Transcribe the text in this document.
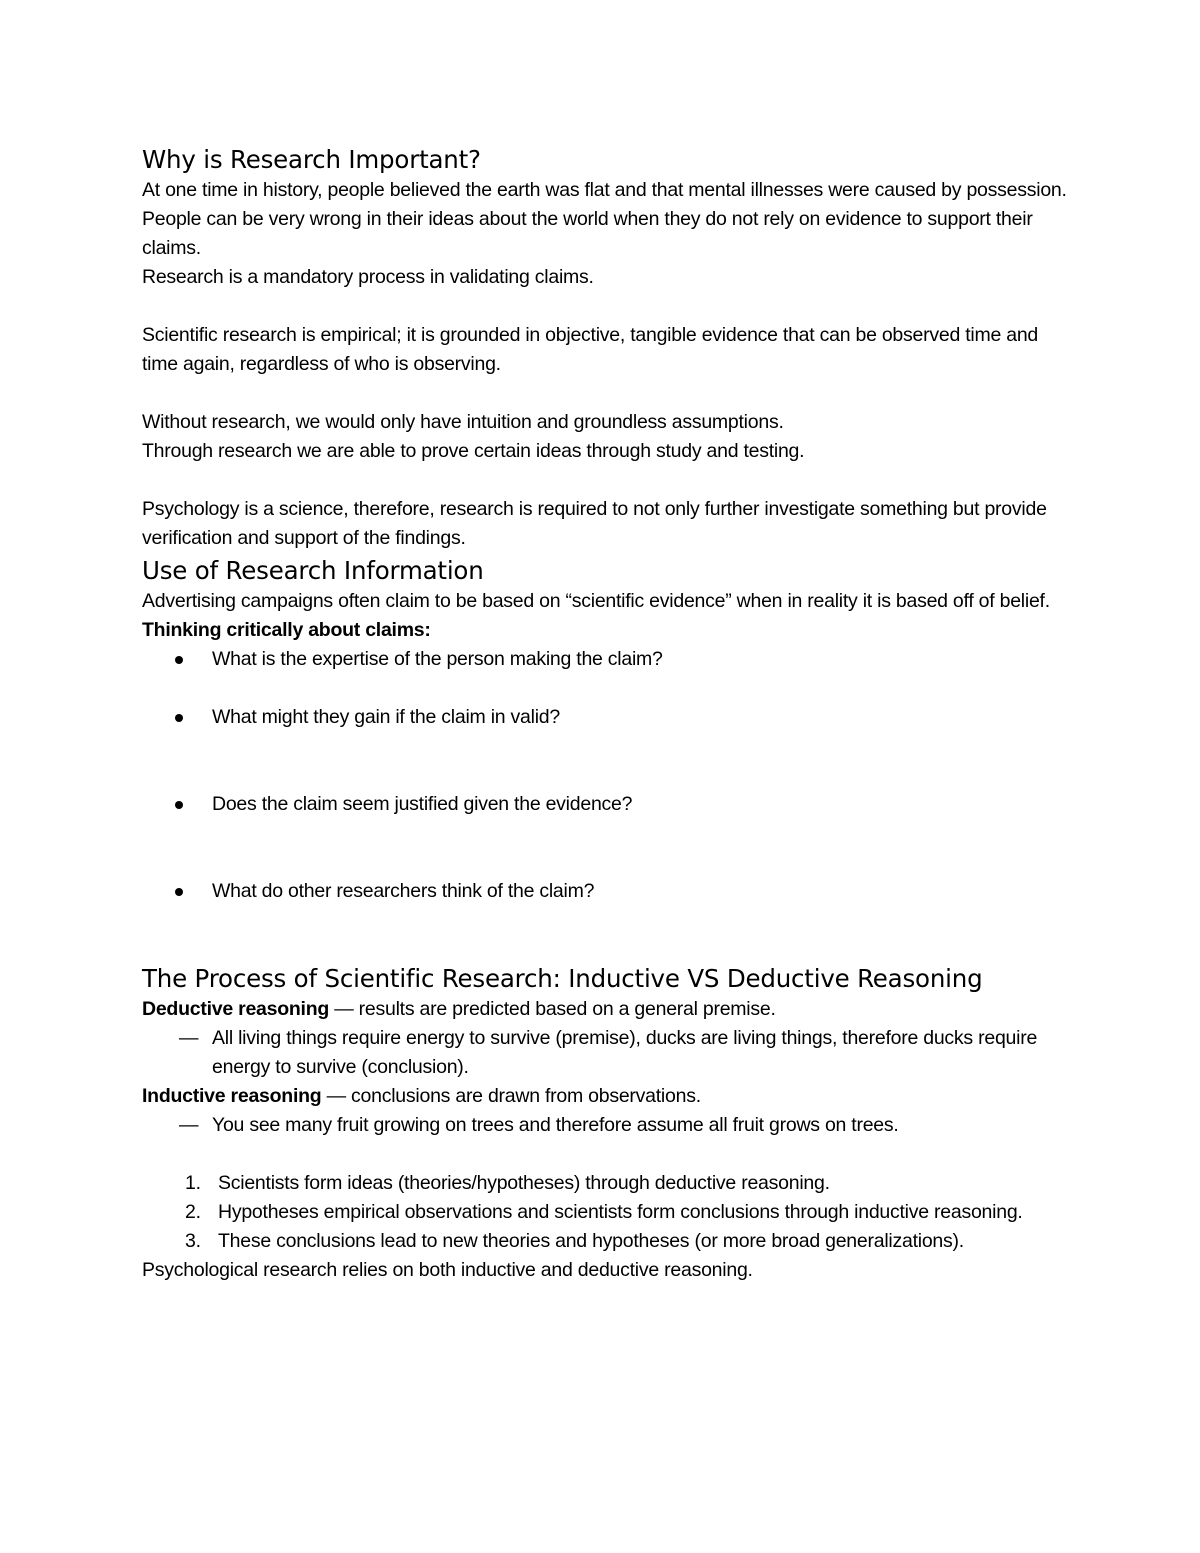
Why is Research Important?

At one time in history, people believed the earth was flat and that mental illnesses were caused by possession.

People can be very wrong in their ideas about the world when they do not rely on evidence to support their claims.

Research is a mandatory process in validating claims.

Scientific research is empirical; it is grounded in objective, tangible evidence that can be observed time and time again, regardless of who is observing.

Without research, we would only have intuition and groundless assumptions.

Through research we are able to prove certain ideas through study and testing.

Psychology is a science, therefore, research is required to not only further investigate something but provide verification and support of the findings.

Use of Research Information

Advertising campaigns often claim to be based on “scientific evidence” when in reality it is based off of belief.

Thinking critically about claims:

What is the expertise of the person making the claim?
What might they gain if the claim in valid?
Does the claim seem justified given the evidence?
What do other researchers think of the claim?
The Process of Scientific Research: Inductive VS Deductive Reasoning

Deductive reasoning — results are predicted based on a general premise.

— All living things require energy to survive (premise), ducks are living things, therefore ducks require energy to survive (conclusion).

Inductive reasoning — conclusions are drawn from observations.

— You see many fruit growing on trees and therefore assume all fruit grows on trees.
1. Scientists form ideas (theories/hypotheses) through deductive reasoning.
2. Hypotheses empirical observations and scientists form conclusions through inductive reasoning.
3. These conclusions lead to new theories and hypotheses (or more broad generalizations).

Psychological research relies on both inductive and deductive reasoning.
